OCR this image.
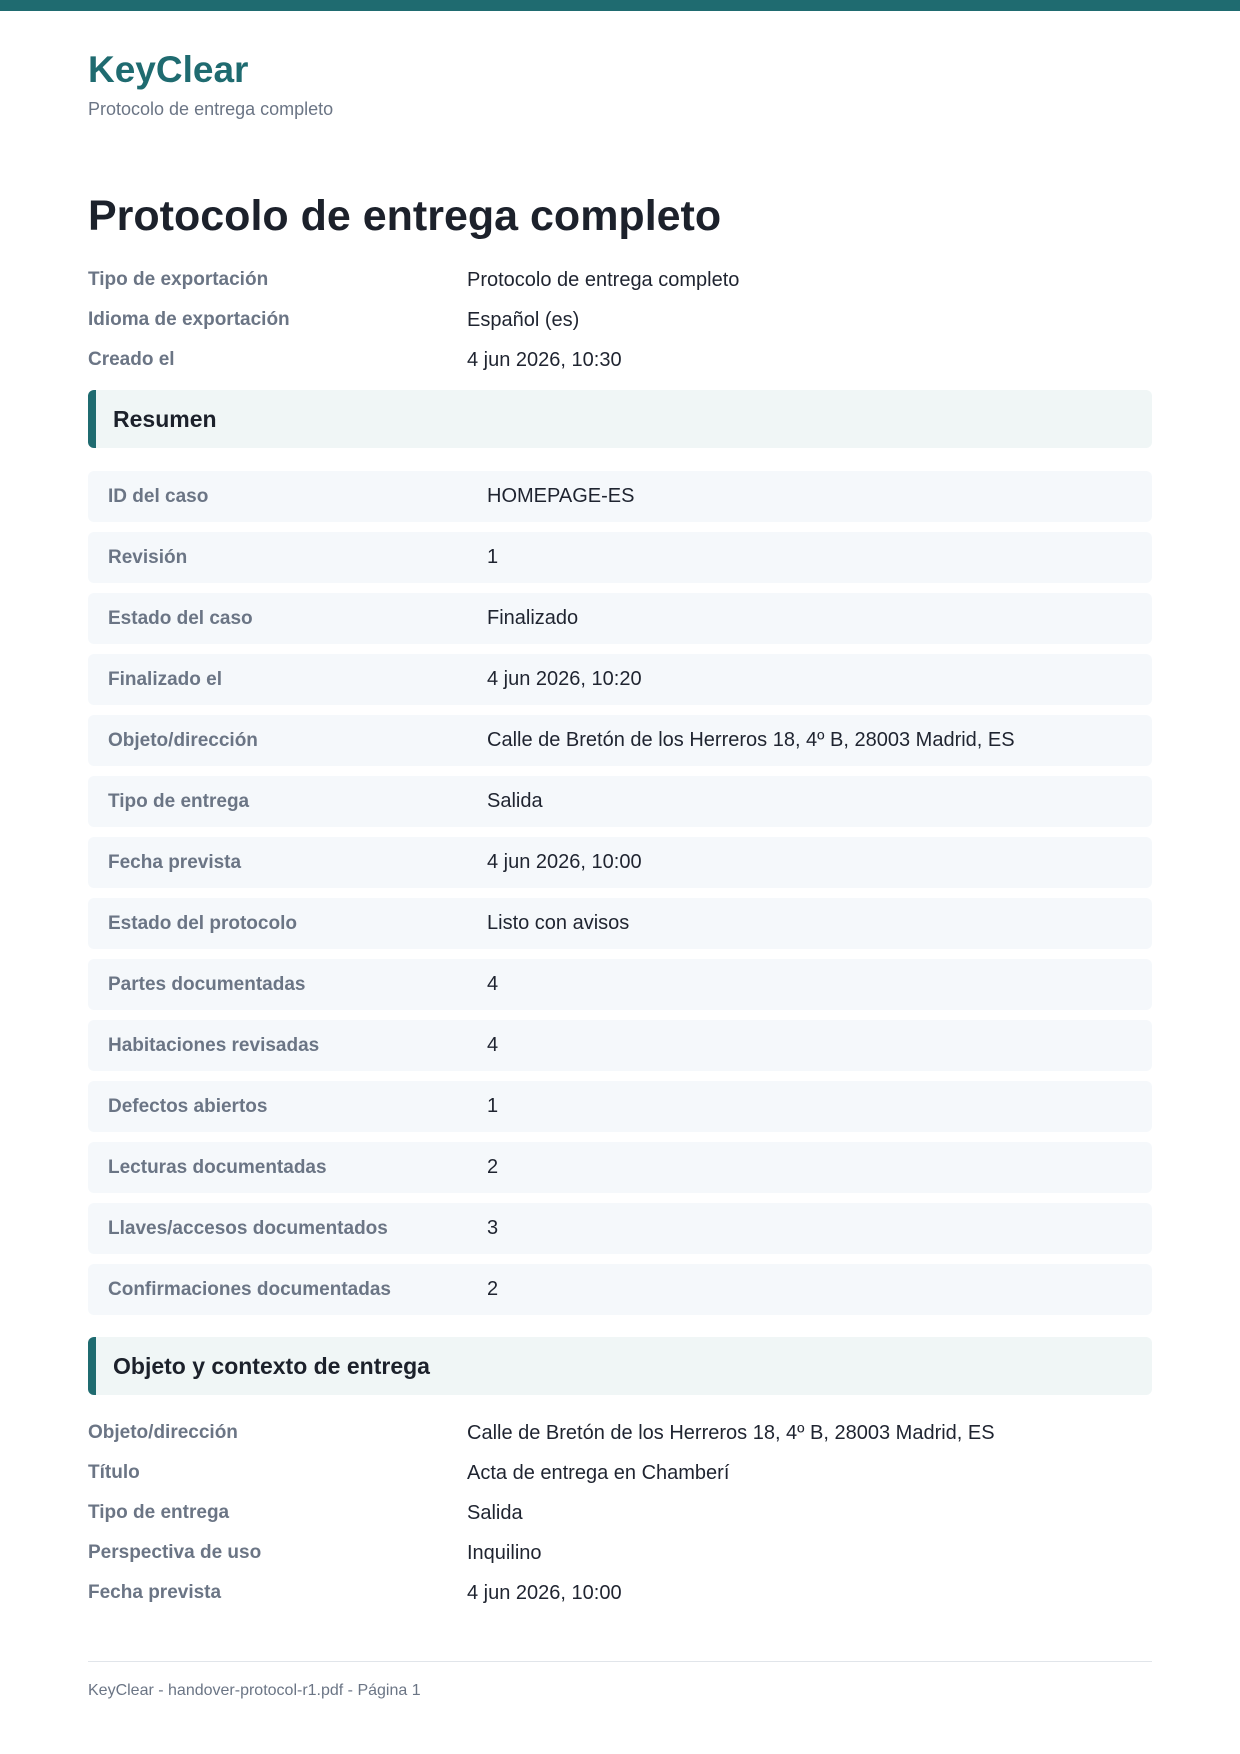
KeyClear
Protocolo de entrega completo
Protocolo de entrega completo
Tipo de exportación	Protocolo de entrega completo
Idioma de exportación	Español (es)
Creado el	4 jun 2026, 10:30
Resumen
ID del caso	HOMEPAGE-ES
Revisión	1
Estado del caso	Finalizado
Finalizado el	4 jun 2026, 10:20
Objeto/dirección	Calle de Bretón de los Herreros 18, 4º B, 28003 Madrid, ES
Tipo de entrega	Salida
Fecha prevista	4 jun 2026, 10:00
Estado del protocolo	Listo con avisos
Partes documentadas	4
Habitaciones revisadas	4
Defectos abiertos	1
Lecturas documentadas	2
Llaves/accesos documentados	3
Confirmaciones documentadas	2
Objeto y contexto de entrega
Objeto/dirección	Calle de Bretón de los Herreros 18, 4º B, 28003 Madrid, ES
Título	Acta de entrega en Chamberí
Tipo de entrega	Salida
Perspectiva de uso	Inquilino
Fecha prevista	4 jun 2026, 10:00
KeyClear - handover-protocol-r1.pdf - Página 1
